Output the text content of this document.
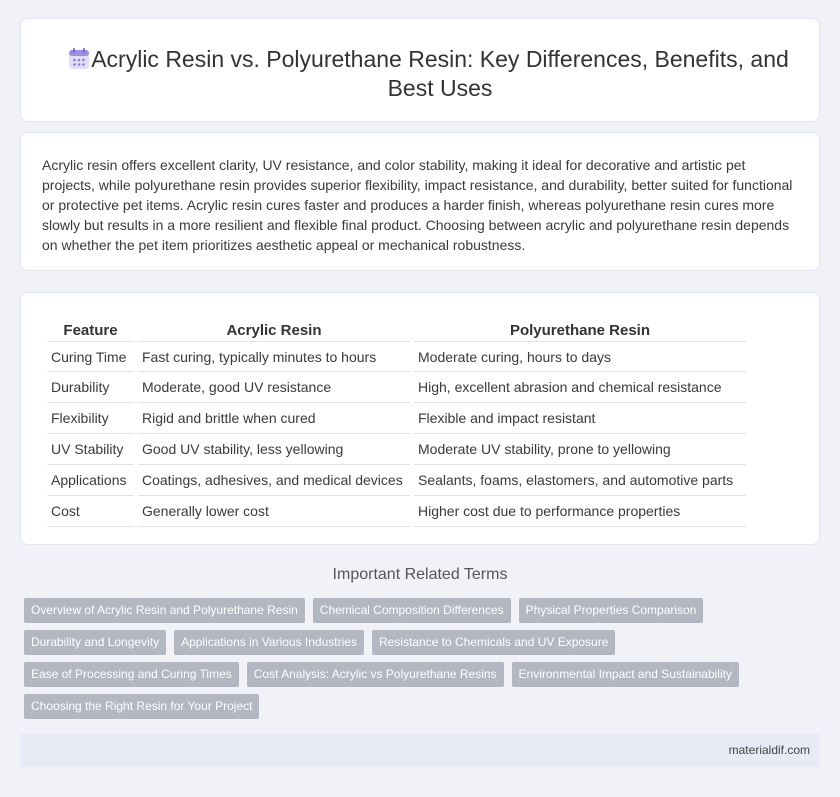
Acrylic Resin vs. Polyurethane Resin: Key Differences, Benefits, and Best Uses

Acrylic resin offers excellent clarity, UV resistance, and color stability, making it ideal for decorative and artistic pet projects, while polyurethane resin provides superior flexibility, impact resistance, and durability, better suited for functional or protective pet items. Acrylic resin cures faster and produces a harder finish, whereas polyurethane resin cures more slowly but results in a more resilient and flexible final product. Choosing between acrylic and polyurethane resin depends on whether the pet item prioritizes aesthetic appeal or mechanical robustness.

Feature	Acrylic Resin	Polyurethane Resin
Curing Time	Fast curing, typically minutes to hours	Moderate curing, hours to days
Durability	Moderate, good UV resistance	High, excellent abrasion and chemical resistance
Flexibility	Rigid and brittle when cured	Flexible and impact resistant
UV Stability	Good UV stability, less yellowing	Moderate UV stability, prone to yellowing
Applications	Coatings, adhesives, and medical devices	Sealants, foams, elastomers, and automotive parts
Cost	Generally lower cost	Higher cost due to performance properties
Important Related Terms
Overview of Acrylic Resin and Polyurethane Resin	Chemical Composition Differences	Physical Properties Comparison
Durability and Longevity	Applications in Various Industries	Resistance to Chemicals and UV Exposure
Ease of Processing and Curing Times	Cost Analysis: Acrylic vs Polyurethane Resins	Environmental Impact and Sustainability
Choosing the Right Resin for Your Project
materialdif.com
